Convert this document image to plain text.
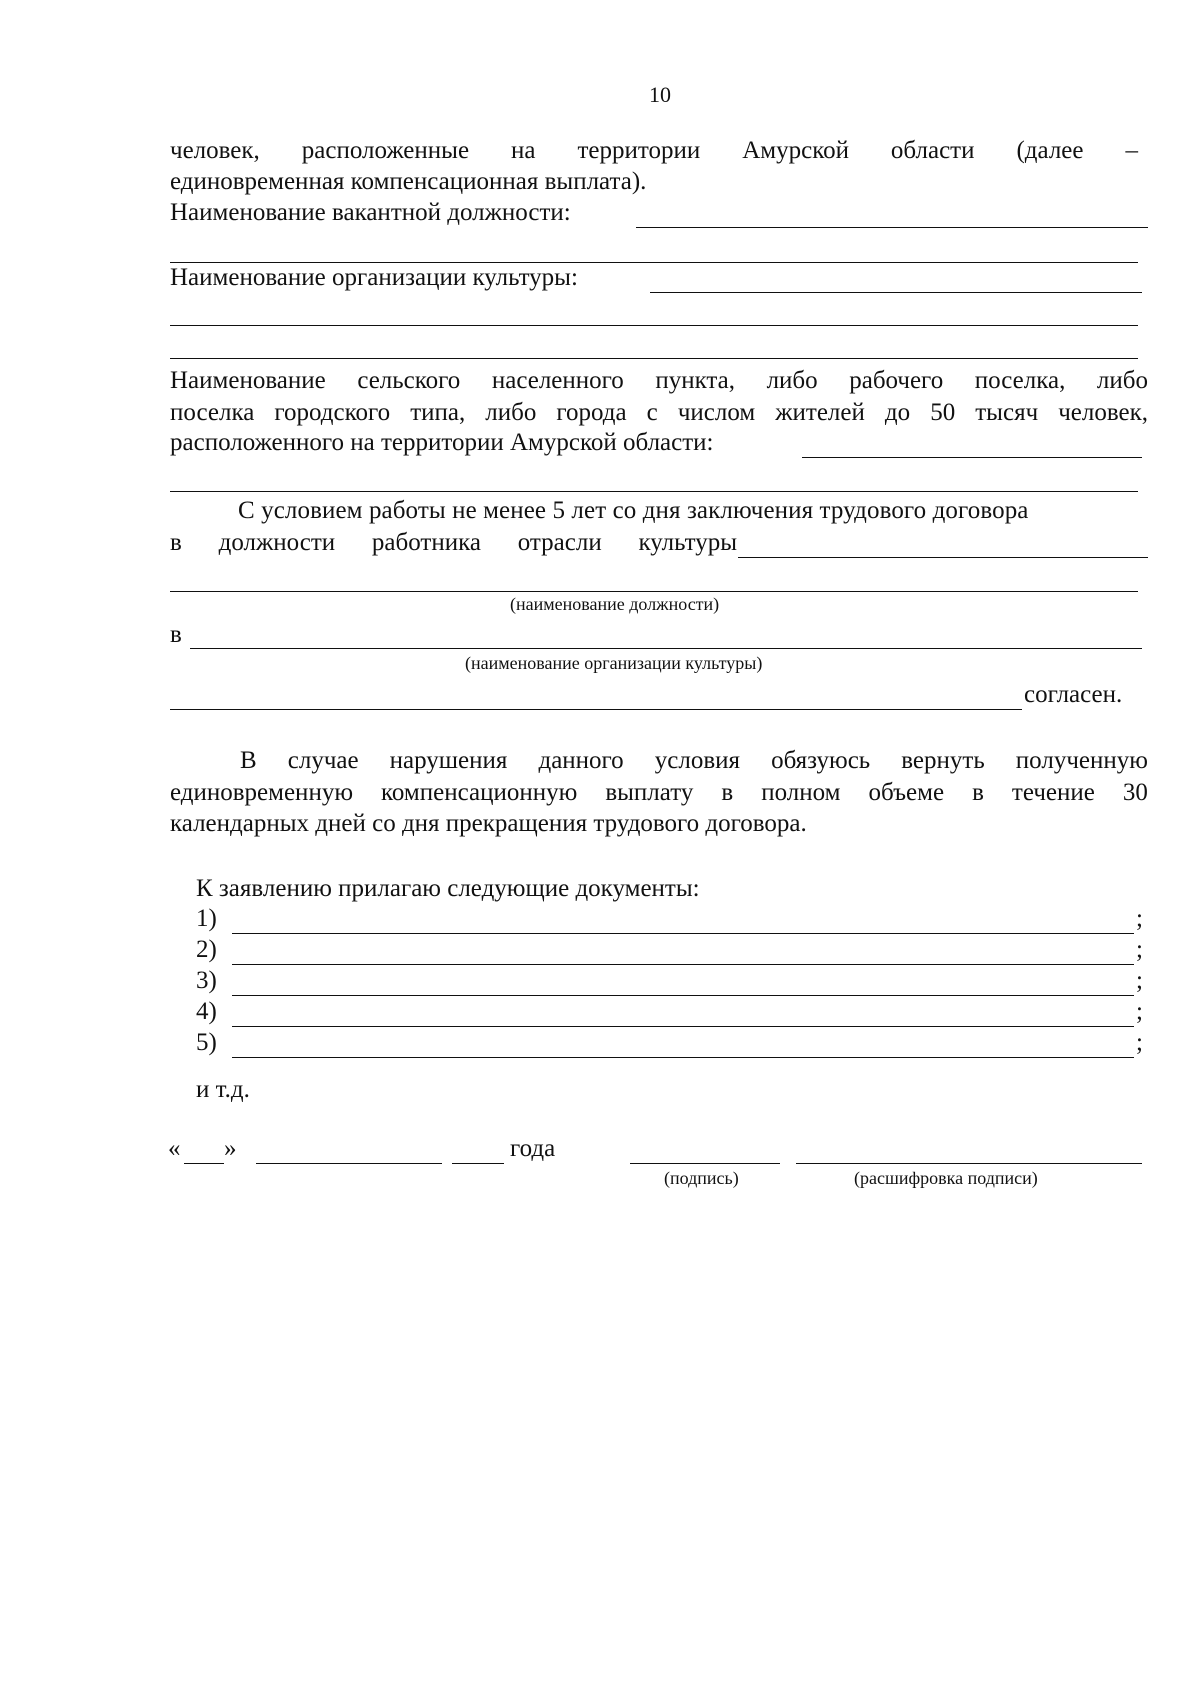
10
человек, расположенные на территории Амурской области (далее –
единовременная компенсационная выплата).
Наименование вакантной должности:
Наименование организации культуры:
Наименование сельского населенного пункта, либо рабочего поселка, либо
поселка городского типа, либо города с числом жителей до 50 тысяч человек,
расположенного на территории Амурской области:
С условием работы не менее 5 лет со дня заключения трудового договора
в должности работника отрасли культуры
(наименование должности)
в
(наименование организации культуры)
согласен.
В случае нарушения данного условия обязуюсь вернуть полученную
единовременную компенсационную выплату в полном объеме в течение 30
календарных дней со дня прекращения трудового договора.
К заявлению прилагаю следующие документы:
1)	;
2)	;
3)	;
4)	;
5)	;
и т.д.
« »	года
(подпись)	(расшифровка подписи)
